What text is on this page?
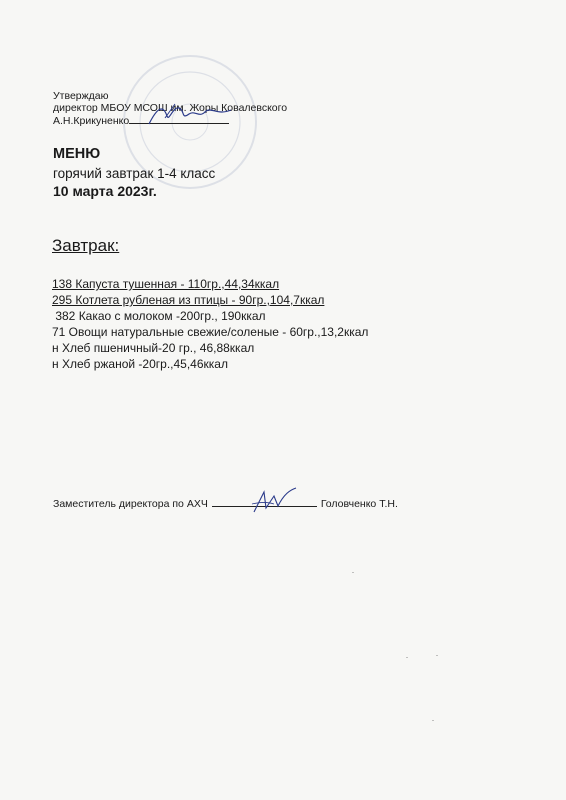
Утверждаю
директор МБОУ МСОШ им. Жоры Ковалевского
А.Н.Крикуненко
МЕНЮ
горячий завтрак 1-4 класс
10 марта 2023г.
Завтрак:
138 Капуста тушенная - 110гр.,44,34ккал
295 Котлета рубленая из птицы - 90гр.,104,7ккал
382 Какао с молоком -200гр., 190ккал
71 Овощи натуральные свежие/соленые - 60гр.,13,2ккал
н Хлеб пшеничный-20 гр., 46,88ккал
н Хлеб ржаной -20гр.,45,46ккал
Заместитель директора по АХЧ	Головченко Т.Н.
